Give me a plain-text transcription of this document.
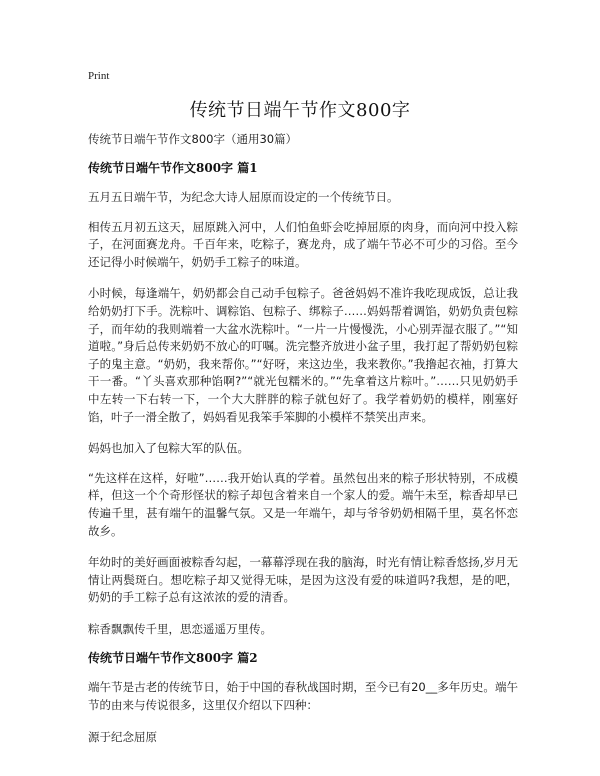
Print
传统节日端午节作文800字

传统节日端午节作文800字（通用30篇）

传统节日端午节作文800字 篇1

五月五日端午节，为纪念大诗人屈原而设定的一个传统节日。

相传五月初五这天，屈原跳入河中，人们怕鱼虾会吃掉屈原的肉身，而向河中投入粽子，在河面赛龙舟。千百年来，吃粽子，赛龙舟，成了端午节必不可少的习俗。至今还记得小时候端午，奶奶手工粽子的味道。

小时候，每逢端午，奶奶都会自己动手包粽子。爸爸妈妈不准许我吃现成饭，总让我给奶奶打下手。洗粽叶、调粽馅、包粽子、绑粽子……妈妈帮着调馅，奶奶负责包粽子，而年幼的我则端着一大盆水洗粽叶。“一片一片慢慢洗，小心别弄湿衣服了。”“知道啦。”身后总传来奶奶不放心的叮嘱。洗完整齐放进小盆子里，我打起了帮奶奶包粽子的鬼主意。“奶奶，我来帮你。”“好呀，来这边坐，我来教你。”我撸起衣袖，打算大干一番。“丫头喜欢那种馅啊?”“就光包糯米的。”“先拿着这片粽叶。”……只见奶奶手中左转一下右转一下，一个大大胖胖的粽子就包好了。我学着奶奶的模样，刚塞好馅，叶子一滑全散了，妈妈看见我笨手笨脚的小模样不禁笑出声来。

妈妈也加入了包粽大军的队伍。

“先这样在这样，好啦”……我开始认真的学着。虽然包出来的粽子形状特别，不成模样，但这一个个奇形怪状的粽子却包含着来自一个家人的爱。端午未至，粽香却早已传遍千里，甚有端午的温馨气氛。又是一年端午，却与爷爷奶奶相隔千里，莫名怀恋故乡。

年幼时的美好画面被粽香勾起，一幕幕浮现在我的脑海，时光有情让粽香悠扬,岁月无情让两鬓斑白。想吃粽子却又觉得无味，是因为这没有爱的味道吗?我想，是的吧，奶奶的手工粽子总有这浓浓的爱的清香。

粽香飘飘传千里，思恋遥遥万里传。

传统节日端午节作文800字 篇2

端午节是古老的传统节日，始于中国的春秋战国时期，至今已有20__多年历史。端午节的由来与传说很多，这里仅介绍以下四种：

源于纪念屈原
